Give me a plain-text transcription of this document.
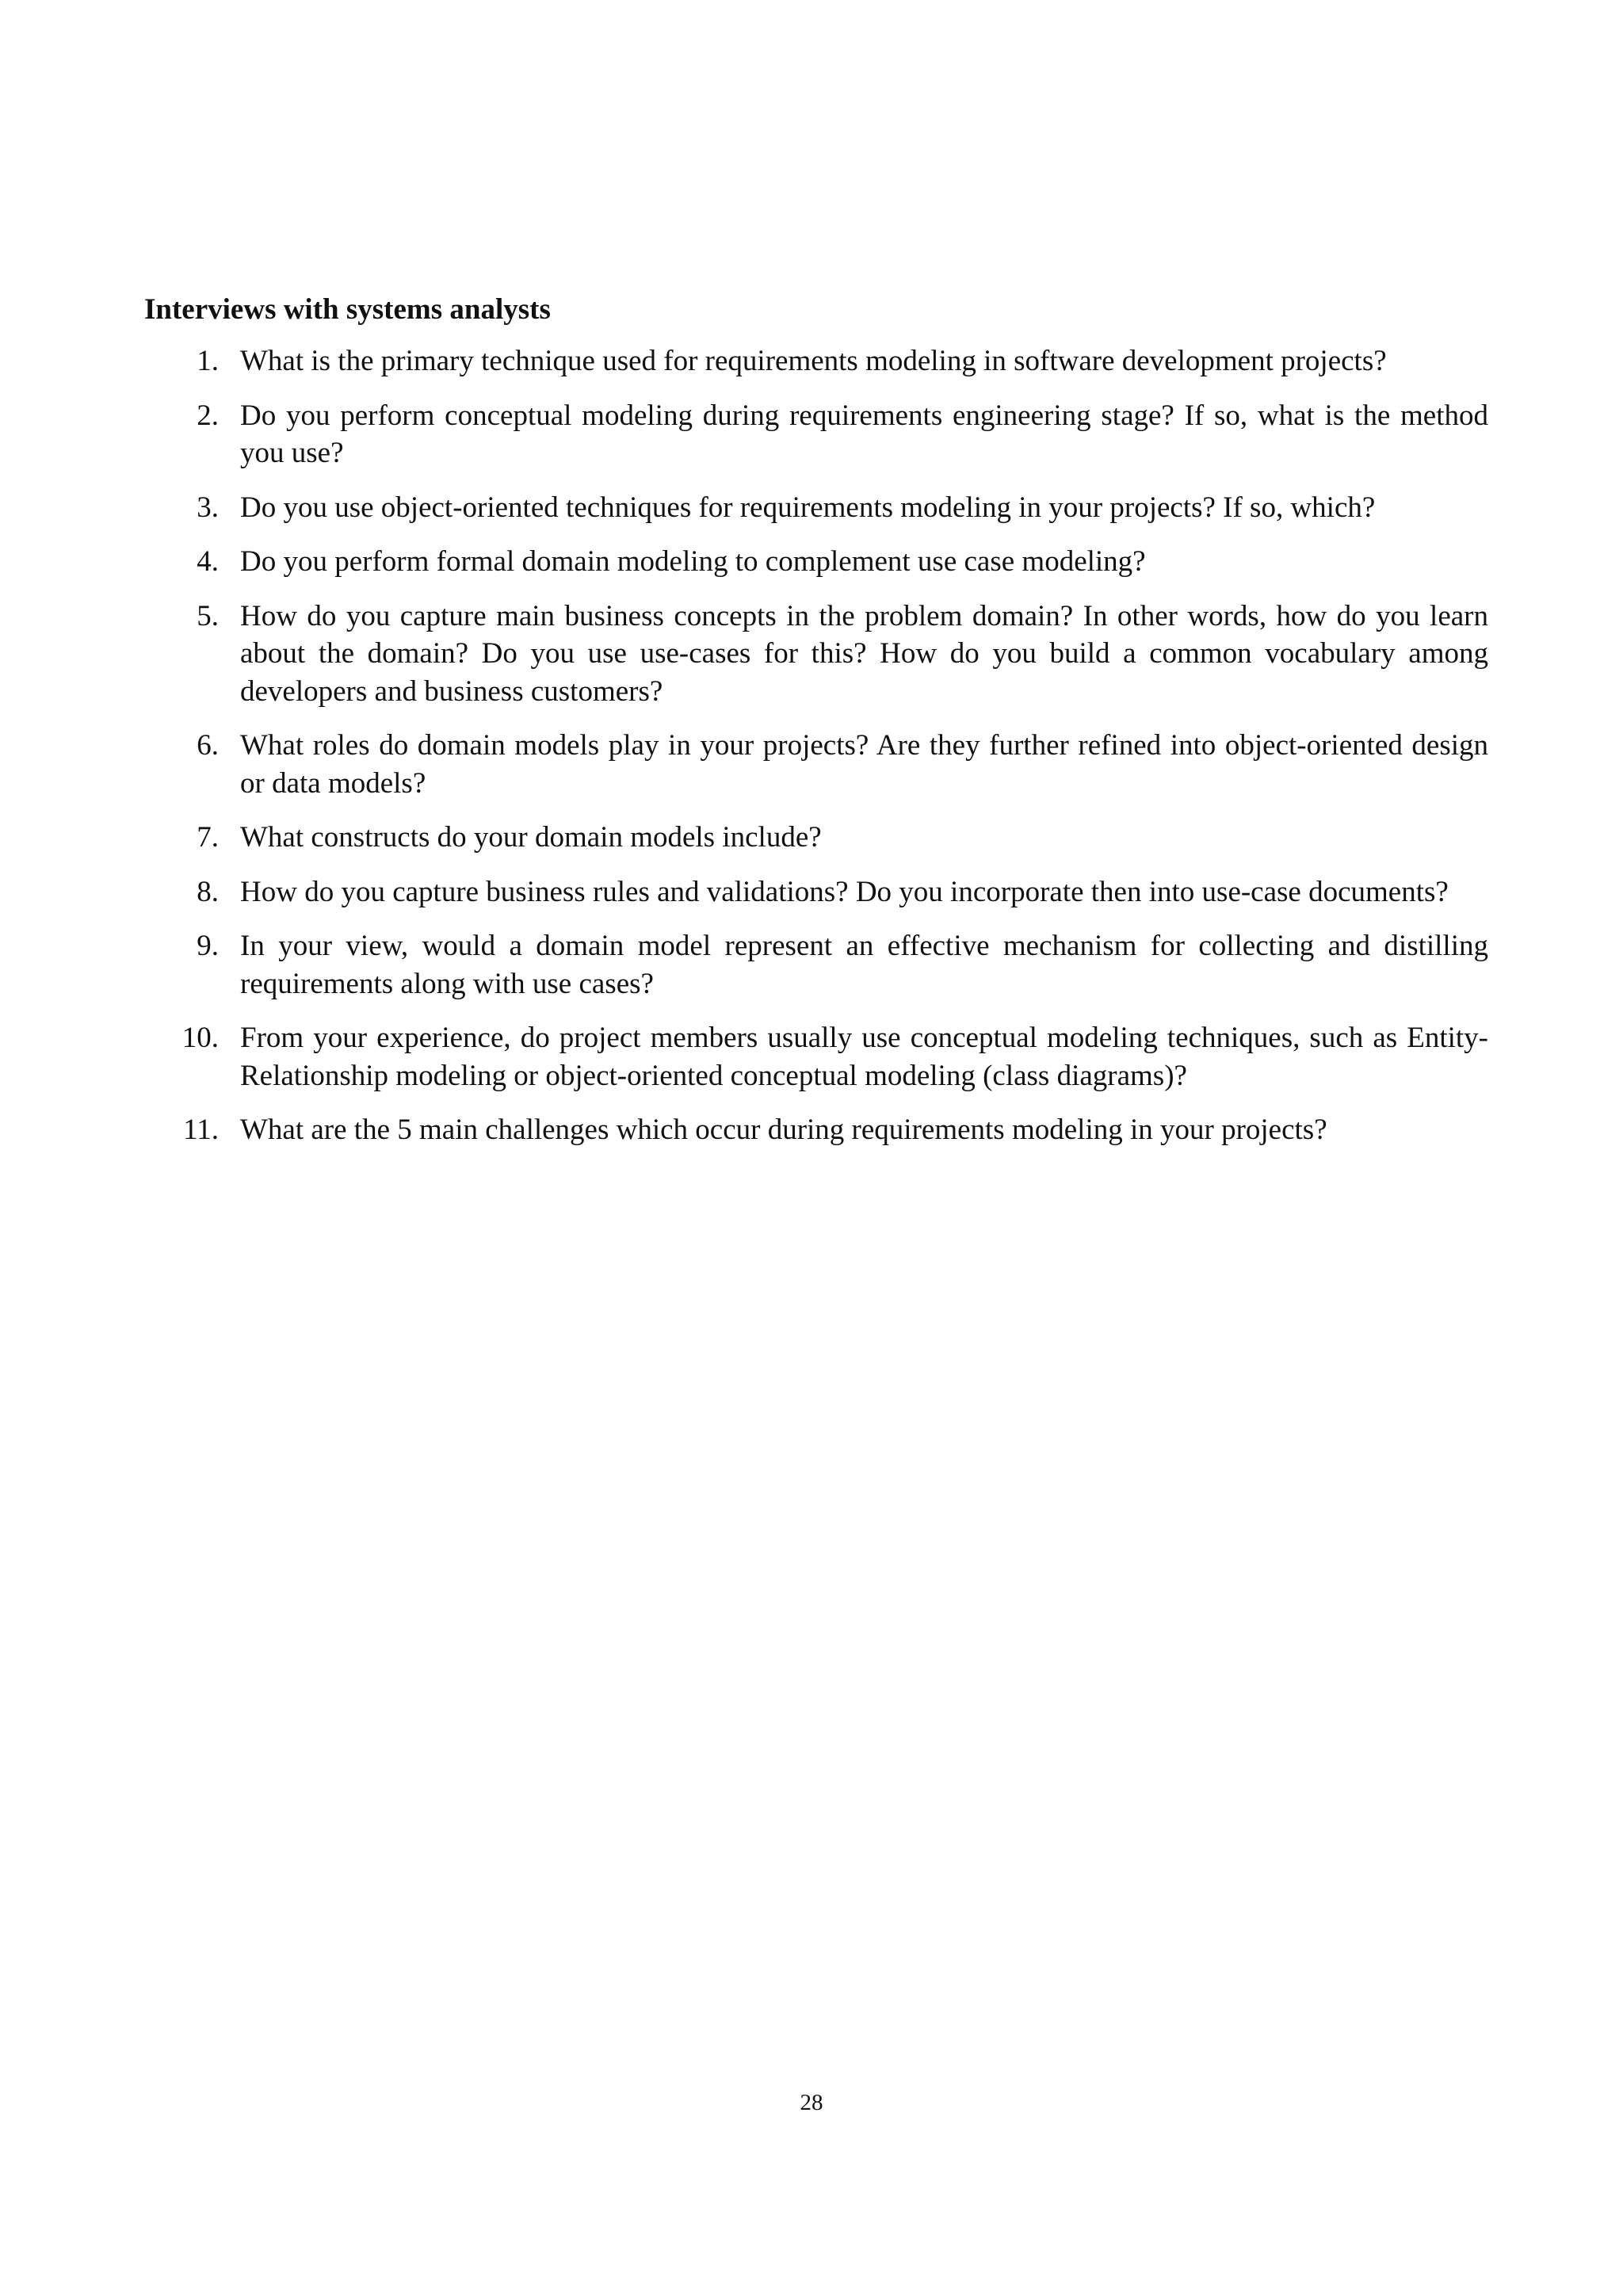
Interviews with systems analysts
1. What is the primary technique used for requirements modeling in software development projects?
2. Do you perform conceptual modeling during requirements engineering stage? If so, what is the method you use?
3. Do you use object-oriented techniques for requirements modeling in your projects? If so, which?
4. Do you perform formal domain modeling to complement use case modeling?
5. How do you capture main business concepts in the problem domain? In other words, how do you learn about the domain? Do you use use-cases for this? How do you build a common vocabulary among developers and business customers?
6. What roles do domain models play in your projects? Are they further refined into object-oriented design or data models?
7. What constructs do your domain models include?
8. How do you capture business rules and validations? Do you incorporate then into use-case documents?
9. In your view, would a domain model represent an effective mechanism for collecting and distilling requirements along with use cases?
10. From your experience, do project members usually use conceptual modeling techniques, such as Entity-Relationship modeling or object-oriented conceptual modeling (class diagrams)?
11. What are the 5 main challenges which occur during requirements modeling in your projects?
28
